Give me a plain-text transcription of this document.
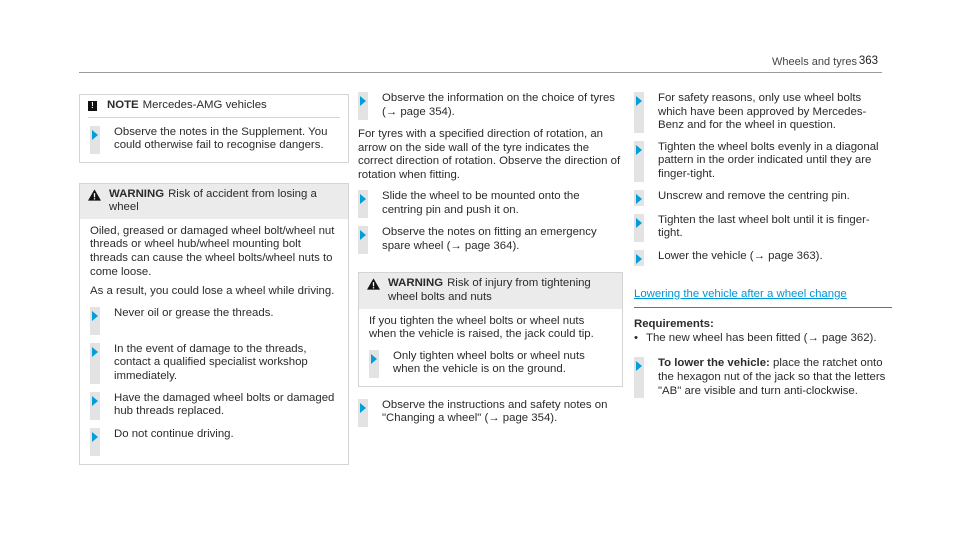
Wheels and tyres 363
! NOTE Mercedes-AMG vehicles
Observe the notes in the Supplement. You could otherwise fail to recognise dangers.
WARNING Risk of accident from losing a wheel

Oiled, greased or damaged wheel bolt/wheel nut threads or wheel hub/wheel mounting bolt threads can cause the wheel bolts/wheel nuts to come loose.

As a result, you could lose a wheel while driving.

Never oil or grease the threads.
In the event of damage to the threads, contact a qualified specialist workshop immediately.
Have the damaged wheel bolts or damaged hub threads replaced.
Do not continue driving.
Observe the information on the choice of tyres (→ page 354).

For tyres with a specified direction of rotation, an arrow on the side wall of the tyre indicates the correct direction of rotation. Observe the direction of rotation when fitting.

Slide the wheel to be mounted onto the centring pin and push it on.
Observe the notes on fitting an emergency spare wheel (→ page 364).
WARNING Risk of injury from tightening wheel bolts and nuts

If you tighten the wheel bolts or wheel nuts when the vehicle is raised, the jack could tip.

Only tighten wheel bolts or wheel nuts when the vehicle is on the ground.
Observe the instructions and safety notes on "Changing a wheel" (→ page 354).
For safety reasons, only use wheel bolts which have been approved by Mercedes-Benz and for the wheel in question.
Tighten the wheel bolts evenly in a diagonal pattern in the order indicated until they are finger-tight.
Unscrew and remove the centring pin.
Tighten the last wheel bolt until it is finger-tight.
Lower the vehicle (→ page 363).
Lowering the vehicle after a wheel change
Requirements:
• The new wheel has been fitted (→ page 362).
To lower the vehicle: place the ratchet onto the hexagon nut of the jack so that the letters "AB" are visible and turn anti-clockwise.
